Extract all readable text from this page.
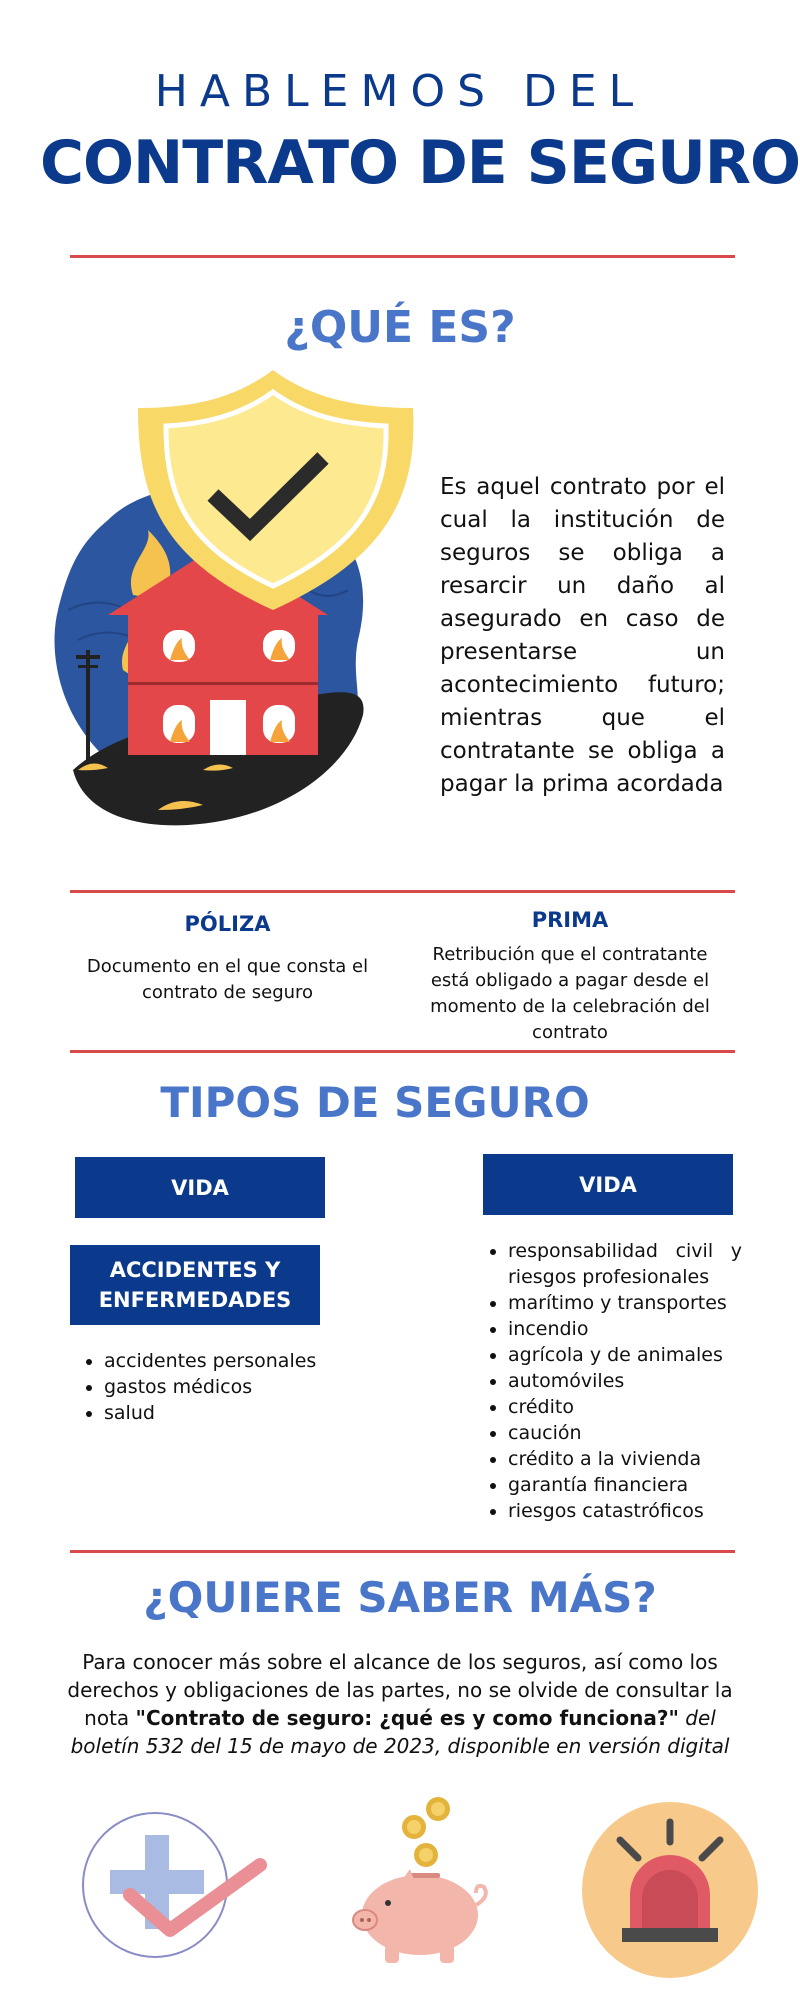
HABLEMOS DEL
CONTRATO DE SEGURO
¿QUÉ ES?
Es aquel contrato por el cual la institución de seguros se obliga a resarcir un daño al asegurado en caso de presentarse un acontecimiento futuro; mientras que el contratante se obliga a pagar la prima acordada
PÓLIZA
Documento en el que consta el contrato de seguro
PRIMA
Retribución que el contratante está obligado a pagar desde el momento de la celebración del contrato
TIPOS DE SEGURO
VIDA
ACCIDENTES Y ENFERMEDADES
• accidentes personales
• gastos médicos
• salud
VIDA
• responsabilidad civil y riesgos profesionales
• marítimo y transportes
• incendio
• agrícola y de animales
• automóviles
• crédito
• caución
• crédito a la vivienda
• garantía financiera
• riesgos catastróficos
¿QUIERE SABER MÁS?
Para conocer más sobre el alcance de los seguros, así como los derechos y obligaciones de las partes, no se olvide de consultar la nota "Contrato de seguro: ¿qué es y como funciona?" del boletín 532 del 15 de mayo de 2023, disponible en versión digital
